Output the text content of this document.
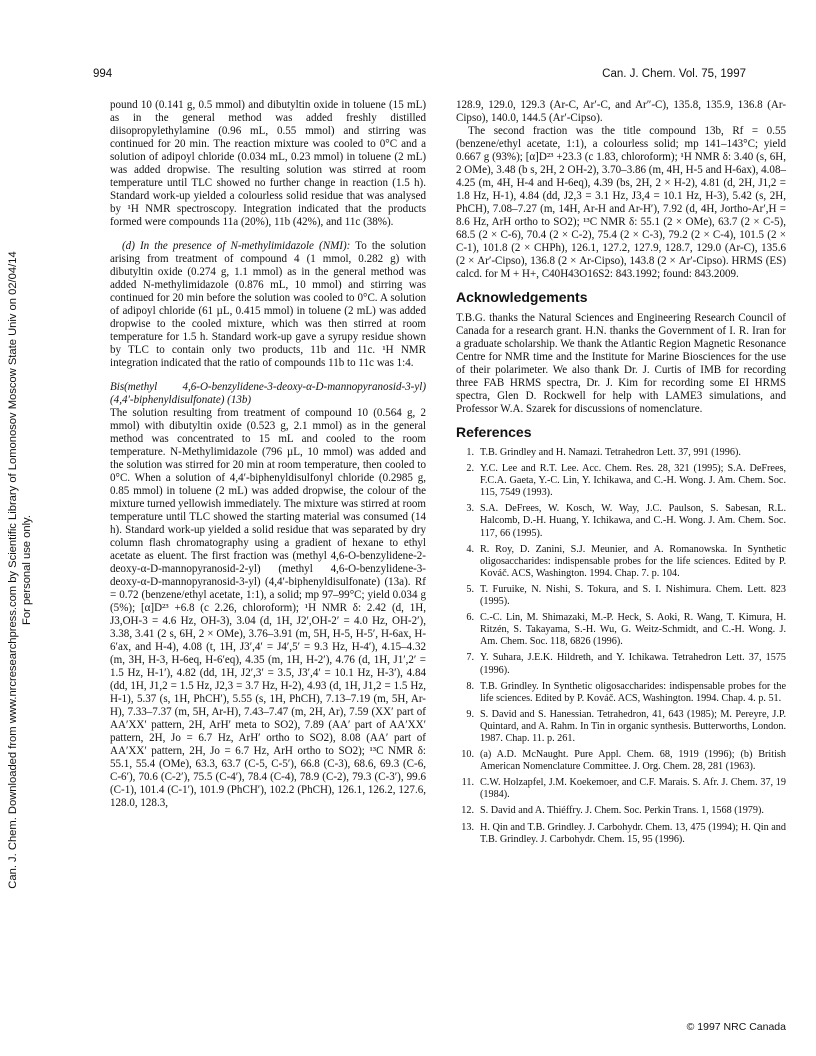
994	Can. J. Chem. Vol. 75, 1997
Can. J. Chem. Downloaded from www.nrcresearchpress.com by Scientific Library of Lomonosov Moscow State Univ on 02/04/14 For personal use only.

pound 10 (0.141 g, 0.5 mmol) and dibutyltin oxide in toluene (15 mL) as in the general method was added freshly distilled diisopropylethylamine (0.96 mL, 0.55 mmol) and stirring was continued for 20 min. The reaction mixture was cooled to 0°C and a solution of adipoyl chloride (0.034 mL, 0.23 mmol) in toluene (2 mL) was added dropwise. The resulting solution was stirred at room temperature until TLC showed no further change in reaction (1.5 h). Standard work-up yielded a colourless solid residue that was analysed by ¹H NMR spectroscopy. Integration indicated that the products formed were compounds 11a (20%), 11b (42%), and 11c (38%).

(d) In the presence of N-methylimidazole (NMI): To the solution arising from treatment of compound 4 (1 mmol, 0.282 g) with dibutyltin oxide (0.274 g, 1.1 mmol) as in the general method was added N-methylimidazole (0.876 mL, 10 mmol) and stirring was continued for 20 min before the solution was cooled to 0°C. A solution of adipoyl chloride (61 µL, 0.415 mmol) in toluene (2 mL) was added dropwise to the cooled mixture, which was then stirred at room temperature for 1.5 h. Standard work-up gave a syrupy residue shown by TLC to contain only two products, 11b and 11c. ¹H NMR integration indicated that the ratio of compounds 11b to 11c was 1:4.

Bis(methyl 4,6-O-benzylidene-3-deoxy-α-D-mannopyranosid-3-yl) (4,4′-biphenyldisulfonate) (13b)

The solution resulting from treatment of compound 10 (0.564 g, 2 mmol) with dibutyltin oxide (0.523 g, 2.1 mmol) as in the general method was concentrated to 15 mL and cooled to the room temperature. N-Methylimidazole (796 µL, 10 mmol) was added and the solution was stirred for 20 min at room temperature, then cooled to 0°C. When a solution of 4,4′-biphenyldisulfonyl chloride (0.2985 g, 0.85 mmol) in toluene (2 mL) was added dropwise, the colour of the mixture turned yellowish immediately. The mixture was stirred at room temperature until TLC showed the starting material was consumed (14 h). Standard work-up yielded a solid residue that was separated by dry column flash chromatography using a gradient of hexane to ethyl acetate as eluent. The first fraction was (methyl 4,6-O-benzylidene-2-deoxy-α-D-mannopyranosid-2-yl) (methyl 4,6-O-benzylidene-3-deoxy-α-D-mannopyranosid-3-yl) (4,4′-biphenyldisulfonate) (13a). Rf = 0.72 (benzene/ethyl acetate, 1:1), a solid; mp 97–99°C; yield 0.034 g (5%); [α]D²³ +6.8 (c 2.26, chloroform); ¹H NMR δ: 2.42 (d, 1H, J3,OH-3 = 4.6 Hz, OH-3), 3.04 (d, 1H, J2′,OH-2′ = 4.0 Hz, OH-2′), 3.38, 3.41 (2 s, 6H, 2 × OMe), 3.76–3.91 (m, 5H, H-5, H-5′, H-6ax, H-6′ax, and H-4), 4.08 (t, 1H, J3′,4′ = J4′,5′ = 9.3 Hz, H-4′), 4.15–4.32 (m, 3H, H-3, H-6eq, H-6′eq), 4.35 (m, 1H, H-2′), 4.76 (d, 1H, J1′,2′ = 1.5 Hz, H-1′), 4.82 (dd, 1H, J2′,3′ = 3.5, J3′,4′ = 10.1 Hz, H-3′), 4.84 (dd, 1H, J1,2 = 1.5 Hz, J2,3 = 3.7 Hz, H-2), 4.93 (d, 1H, J1,2 = 1.5 Hz, H-1), 5.37 (s, 1H, PhCH′), 5.55 (s, 1H, PhCH), 7.13–7.19 (m, 5H, Ar-H), 7.33–7.37 (m, 5H, Ar-H), 7.43–7.47 (m, 2H, Ar), 7.59 (XX′ part of AA′XX′ pattern, 2H, ArH′ meta to SO2), 7.89 (AA′ part of AA′XX′ pattern, 2H, Jo = 6.7 Hz, ArH′ ortho to SO2), 8.08 (AA′ part of AA′XX′ pattern, 2H, Jo = 6.7 Hz, ArH ortho to SO2); ¹³C NMR δ: 55.1, 55.4 (OMe), 63.3, 63.7 (C-5, C-5′), 66.8 (C-3), 68.6, 69.3 (C-6, C-6′), 70.6 (C-2′), 75.5 (C-4′), 78.4 (C-4), 78.9 (C-2), 79.3 (C-3′), 99.6 (C-1), 101.4 (C-1′), 101.9 (PhCH′), 102.2 (PhCH), 126.1, 126.2, 127.6, 128.0, 128.3,

128.9, 129.0, 129.3 (Ar-C, Ar′-C, and Ar″-C), 135.8, 135.9, 136.8 (Ar-Cipso), 140.0, 144.5 (Ar′-Cipso).

The second fraction was the title compound 13b, Rf = 0.55 (benzene/ethyl acetate, 1:1), a colourless solid; mp 141–143°C; yield 0.667 g (93%); [α]D²³ +23.3 (c 1.83, chloroform); ¹H NMR δ: 3.40 (s, 6H, 2 OMe), 3.48 (b s, 2H, 2 OH-2), 3.70–3.86 (m, 4H, H-5 and H-6ax), 4.08–4.25 (m, 4H, H-4 and H-6eq), 4.39 (bs, 2H, 2 × H-2), 4.81 (d, 2H, J1,2 = 1.8 Hz, H-1), 4.84 (dd, J2,3 = 3.1 Hz, J3,4 = 10.1 Hz, H-3), 5.42 (s, 2H, PhCH), 7.08–7.27 (m, 14H, Ar-H and Ar-H′), 7.92 (d, 4H, Jortho-Ar′,H = 8.6 Hz, ArH ortho to SO2); ¹³C NMR δ: 55.1 (2 × OMe), 63.7 (2 × C-5), 68.5 (2 × C-6), 70.4 (2 × C-2), 75.4 (2 × C-3), 79.2 (2 × C-4), 101.5 (2 × C-1), 101.8 (2 × CHPh), 126.1, 127.2, 127.9, 128.7, 129.0 (Ar-C), 135.6 (2 × Ar′-Cipso), 136.8 (2 × Ar-Cipso), 143.8 (2 × Ar′-Cipso). HRMS (ES) calcd. for M + H+, C40H43O16S2: 843.1992; found: 843.2009.

Acknowledgements

T.B.G. thanks the Natural Sciences and Engineering Research Council of Canada for a research grant. H.N. thanks the Government of I. R. Iran for a graduate scholarship. We thank the Atlantic Region Magnetic Resonance Centre for NMR time and the Institute for Marine Biosciences for the use of their polarimeter. We also thank Dr. J. Curtis of IMB for recording three FAB HRMS spectra, Dr. J. Kim for recording some EI HRMS spectra, Glen D. Rockwell for help with LAME3 simulations, and Professor W.A. Szarek for discussions of nomenclature.

References
1. T.B. Grindley and H. Namazi. Tetrahedron Lett. 37, 991 (1996).
2. Y.C. Lee and R.T. Lee. Acc. Chem. Res. 28, 321 (1995); S.A. DeFrees, F.C.A. Gaeta, Y.-C. Lin, Y. Ichikawa, and C.-H. Wong. J. Am. Chem. Soc. 115, 7549 (1993).
3. S.A. DeFrees, W. Kosch, W. Way, J.C. Paulson, S. Sabesan, R.L. Halcomb, D.-H. Huang, Y. Ichikawa, and C.-H. Wong. J. Am. Chem. Soc. 117, 66 (1995).
4. R. Roy, D. Zanini, S.J. Meunier, and A. Romanowska. In Synthetic oligosaccharides: indispensable probes for the life sciences. Edited by P. Kováč. ACS, Washington. 1994. Chap. 7. p. 104.
5. T. Furuike, N. Nishi, S. Tokura, and S. I. Nishimura. Chem. Lett. 823 (1995).
6. C.-C. Lin, M. Shimazaki, M.-P. Heck, S. Aoki, R. Wang, T. Kimura, H. Ritzén, S. Takayama, S.-H. Wu, G. Weitz-Schmidt, and C.-H. Wong. J. Am. Chem. Soc. 118, 6826 (1996).
7. Y. Suhara, J.E.K. Hildreth, and Y. Ichikawa. Tetrahedron Lett. 37, 1575 (1996).
8. T.B. Grindley. In Synthetic oligosaccharides: indispensable probes for the life sciences. Edited by P. Kováč. ACS, Washington. 1994. Chap. 4. p. 51.
9. S. David and S. Hanessian. Tetrahedron, 41, 643 (1985); M. Pereyre, J.P. Quintard, and A. Rahm. In Tin in organic synthesis. Butterworths, London. 1987. Chap. 11. p. 261.
10. (a) A.D. McNaught. Pure Appl. Chem. 68, 1919 (1996); (b) British American Nomenclature Committee. J. Org. Chem. 28, 281 (1963).
11. C.W. Holzapfel, J.M. Koekemoer, and C.F. Marais. S. Afr. J. Chem. 37, 19 (1984).
12. S. David and A. Thiéffry. J. Chem. Soc. Perkin Trans. 1, 1568 (1979).
13. H. Qin and T.B. Grindley. J. Carbohydr. Chem. 13, 475 (1994); H. Qin and T.B. Grindley. J. Carbohydr. Chem. 15, 95 (1996).
© 1997 NRC Canada
